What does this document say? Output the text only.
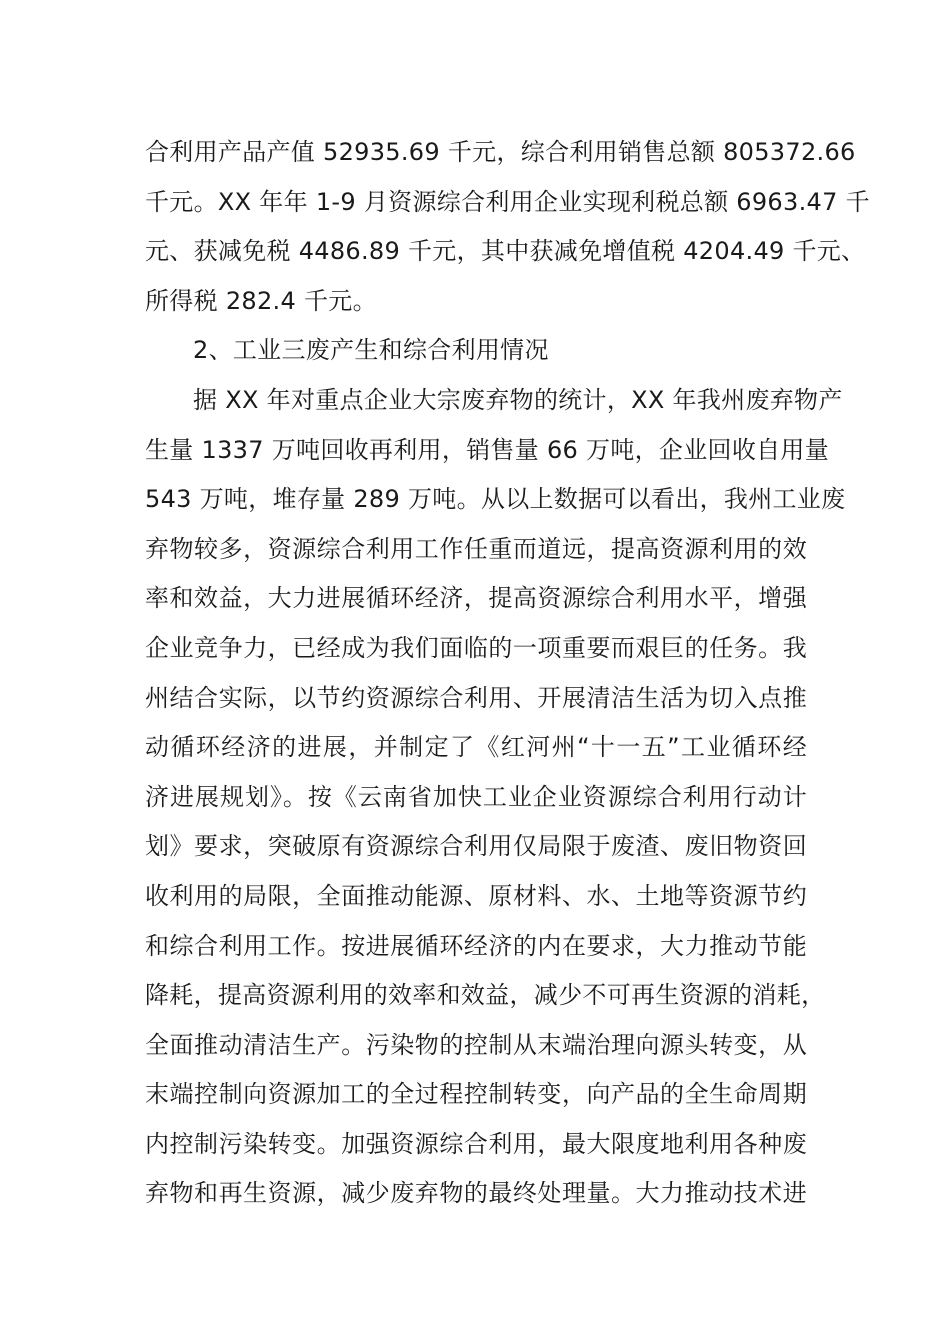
合利用产品产值 52935.69 千元，综合利用销售总额 805372.66
千元。XX 年年 1-9 月资源综合利用企业实现利税总额 6963.47 千
元、获减免税 4486.89 千元，其中获减免增值税 4204.49 千元、
所得税 282.4 千元。
2、工业三废产生和综合利用情况
据 XX 年对重点企业大宗废弃物的统计，XX 年我州废弃物产
生量 1337 万吨回收再利用，销售量 66 万吨，企业回收自用量
543 万吨，堆存量 289 万吨。从以上数据可以看出，我州工业废
弃物较多，资源综合利用工作任重而道远，提高资源利用的效
率和效益，大力进展循环经济，提高资源综合利用水平，增强
企业竞争力，已经成为我们面临的一项重要而艰巨的任务。我
州结合实际，以节约资源综合利用、开展清洁生活为切入点推
动循环经济的进展，并制定了《红河州“十一五”工业循环经
济进展规划》。按《云南省加快工业企业资源综合利用行动计
划》要求，突破原有资源综合利用仅局限于废渣、废旧物资回
收利用的局限，全面推动能源、原材料、水、土地等资源节约
和综合利用工作。按进展循环经济的内在要求，大力推动节能
降耗，提高资源利用的效率和效益，减少不可再生资源的消耗，
全面推动清洁生产。污染物的控制从末端治理向源头转变，从
末端控制向资源加工的全过程控制转变，向产品的全生命周期
内控制污染转变。加强资源综合利用，最大限度地利用各种废
弃物和再生资源，减少废弃物的最终处理量。大力推动技术进
